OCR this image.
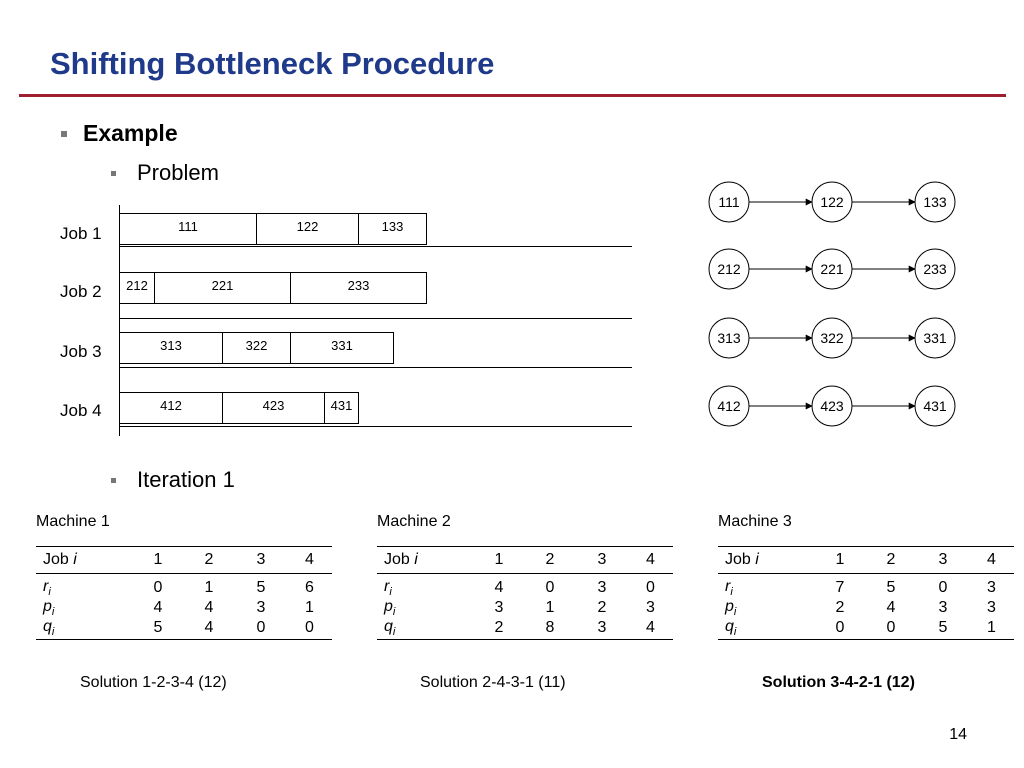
Shifting Bottleneck Procedure
Example
Problem
Iteration 1
Job 1	111	122	133
Job 2	212	221	233
Job 3	313	322	331
Job 4	412	423	431
111	122	133
212	221	233
313	322	331
412	423	431
Machine 1
Job i	1	2	3	4
$r_i$	0	1	5	6
$p_i$	4	4	3	1
$q_i$	5	4	0	0
Solution 1-2-3-4 (12)
Machine 2
Job i	1	2	3	4
$r_i$	4	0	3	0
$p_i$	3	1	2	3
$q_i$	2	8	3	4
Solution 2-4-3-1 (11)
Machine 3
Job i	1	2	3	4
$r_i$	7	5	0	3
$p_i$	2	4	3	3
$q_i$	0	0	5	1
Solution 3-4-2-1 (12)
14
